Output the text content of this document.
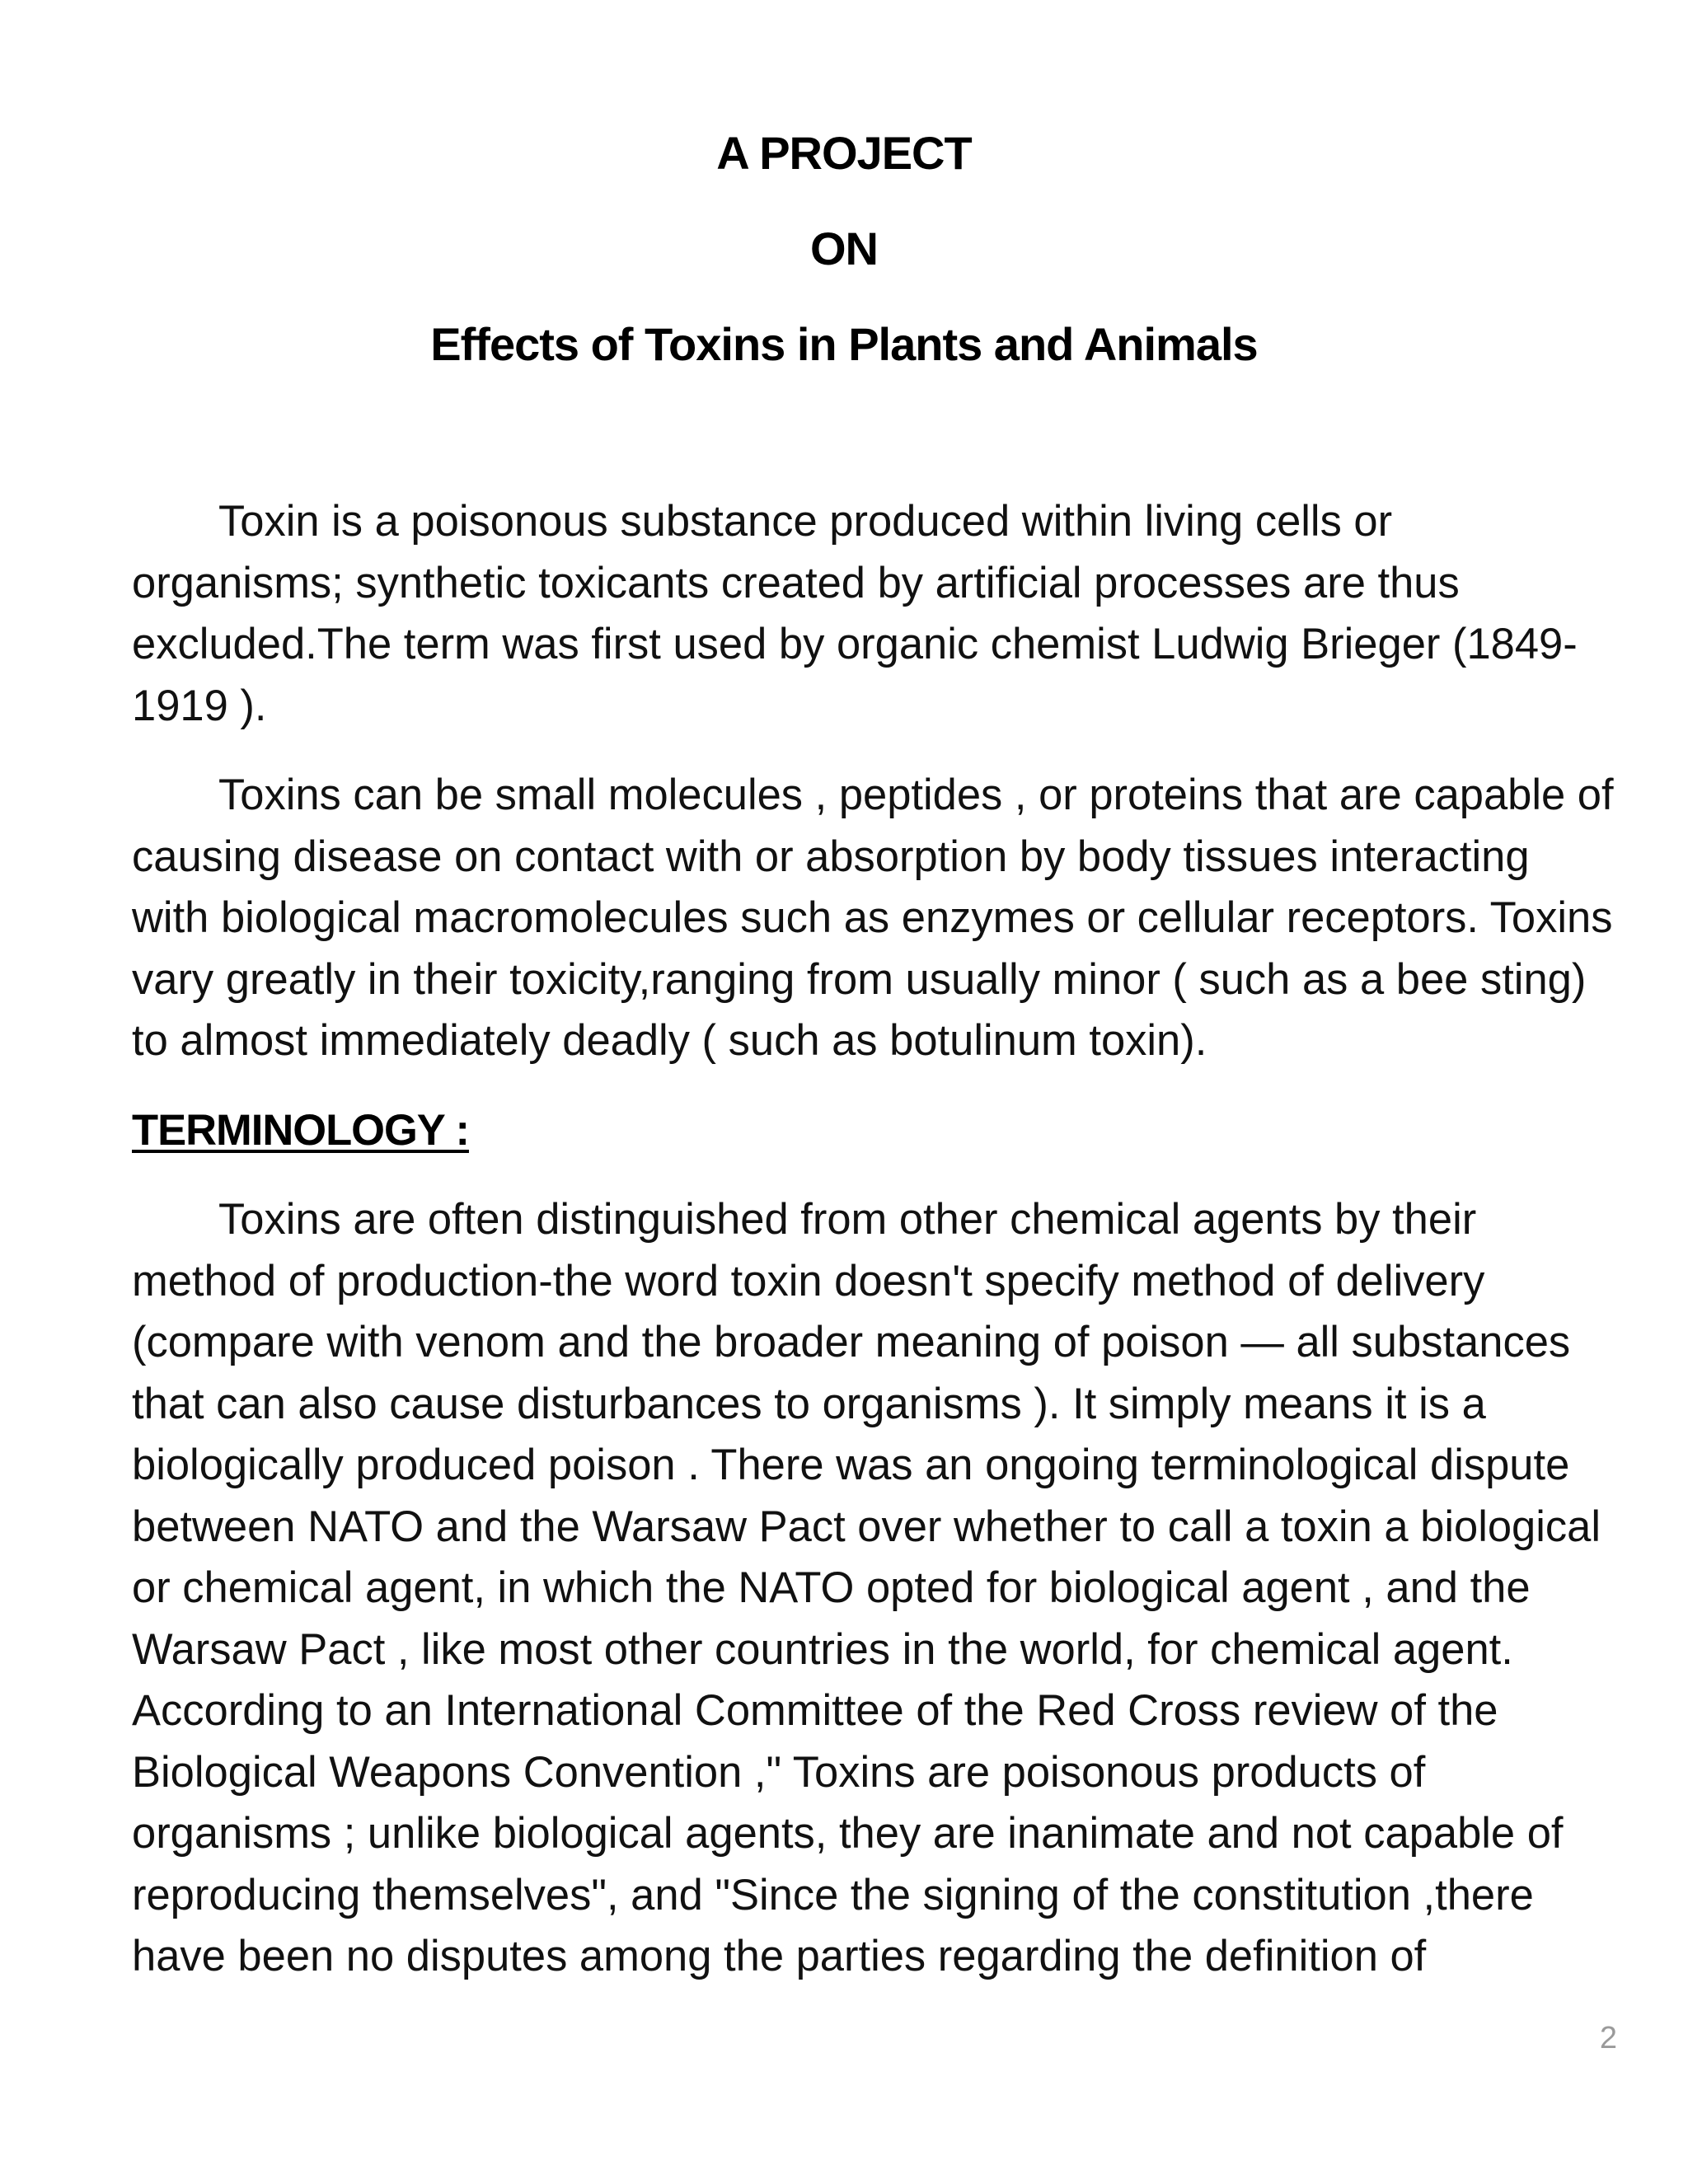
A PROJECT
ON
Effects of Toxins in Plants and Animals

Toxin is a poisonous substance produced within living cells or organisms; synthetic toxicants created by artificial processes are thus excluded.The term was first used by organic chemist Ludwig Brieger (1849-1919 ).

Toxins can be small molecules , peptides , or proteins that are capable of causing disease on contact with or absorption by body tissues interacting with biological macromolecules such as enzymes or cellular receptors. Toxins vary greatly in their toxicity,ranging from usually minor ( such as a bee sting) to almost immediately deadly ( such as botulinum toxin).

TERMINOLOGY :

Toxins are often distinguished from other chemical agents by their method of production-the word toxin doesn't specify method of delivery (compare with venom and the broader meaning of poison — all substances that can also cause disturbances to organisms ). It simply means it is a biologically produced poison . There was an ongoing terminological dispute between NATO and the Warsaw Pact over whether to call a toxin a biological or chemical agent, in which the NATO opted for biological agent , and the Warsaw Pact , like most other countries in the world, for chemical agent. According to an International Committee of the Red Cross review of the Biological Weapons Convention ," Toxins are poisonous products of organisms ; unlike biological agents, they are inanimate and not capable of reproducing themselves", and "Since the signing of the constitution ,there have been no disputes among the parties regarding the definition of

2
